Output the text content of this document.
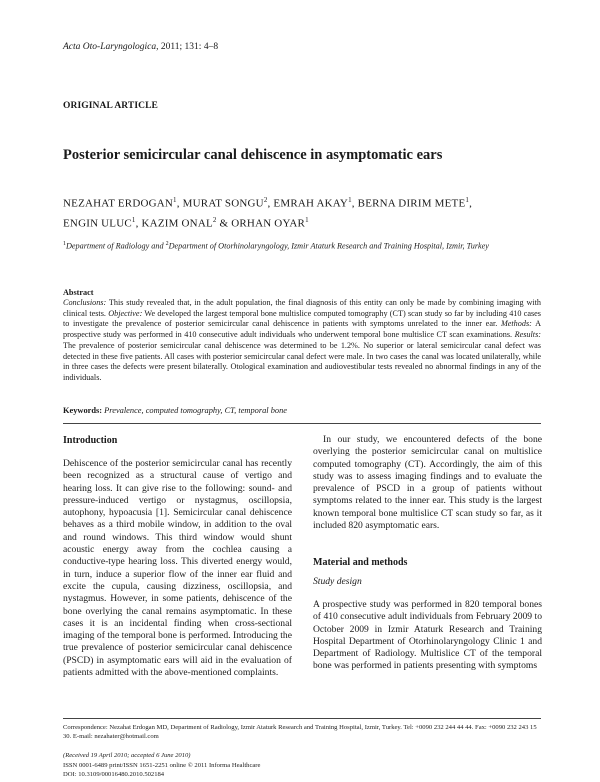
Acta Oto-Laryngologica, 2011; 131: 4–8
ORIGINAL ARTICLE
Posterior semicircular canal dehiscence in asymptomatic ears
NEZAHAT ERDOGAN$^1$, MURAT SONGU$^2$, EMRAH AKAY$^1$, BERNA DIRIM METE$^1$,
ENGIN ULUC$^1$, KAZIM ONAL$^2$ & ORHAN OYAR$^1$
$^1$Department of Radiology and $^2$Department of Otorhinolaryngology, Izmir Ataturk Research and Training Hospital, Izmir, Turkey
Abstract
Conclusions: This study revealed that, in the adult population, the final diagnosis of this entity can only be made by combining imaging with clinical tests. Objective: We developed the largest temporal bone multislice computed tomography (CT) scan study so far by including 410 cases to investigate the prevalence of posterior semicircular canal dehiscence in patients with symptoms unrelated to the inner ear. Methods: A prospective study was performed in 410 consecutive adult individuals who underwent temporal bone multislice CT scan examinations. Results: The prevalence of posterior semicircular canal dehiscence was determined to be 1.2%. No superior or lateral semicircular canal defect was detected in these five patients. All cases with posterior semicircular canal defect were male. In two cases the canal was located unilaterally, while in three cases the defects were present bilaterally. Otological examination and audiovestibular tests revealed no abnormal findings in any of the individuals.
Keywords: Prevalence, computed tomography, CT, temporal bone
Introduction

Dehiscence of the posterior semicircular canal has recently been recognized as a structural cause of vertigo and hearing loss. It can give rise to the following: sound- and pressure-induced vertigo or nystagmus, oscillopsia, autophony, hypoacusia [1]. Semicircular canal dehiscence behaves as a third mobile window, in addition to the oval and round windows. This third window would shunt acoustic energy away from the cochlea causing a conductive-type hearing loss. This diverted energy would, in turn, induce a superior flow of the inner ear fluid and excite the cupula, causing dizziness, oscillopsia, and nystagmus. However, in some patients, dehiscence of the bone overlying the canal remains asymptomatic. In these cases it is an incidental finding when cross-sectional imaging of the temporal bone is performed. Introducing the true prevalence of posterior semicircular canal dehiscence (PSCD) in asymptomatic ears will aid in the evaluation of patients admitted with the above-mentioned complaints.

In our study, we encountered defects of the bone overlying the posterior semicircular canal on multislice computed tomography (CT). Accordingly, the aim of this study was to assess imaging findings and to evaluate the prevalence of PSCD in a group of patients without symptoms related to the inner ear. This study is the largest known temporal bone multislice CT scan study so far, as it included 820 asymptomatic ears.

Material and methods
Study design

A prospective study was performed in 820 temporal bones of 410 consecutive adult individuals from February 2009 to October 2009 in Izmir Ataturk Research and Training Hospital Department of Otorhinolaryngology Clinic 1 and Department of Radiology. Multislice CT of the temporal bone was performed in patients presenting with symptoms

Correspondence: Nezahat Erdogan MD, Department of Radiology, Izmir Ataturk Research and Training Hospital, Izmir, Turkey. Tel: +0090 232 244 44 44. Fax: +0090 232 243 15 30. E-mail: nezahater@hotmail.com
(Received 19 April 2010; accepted 6 June 2010)
ISSN 0001-6489 print/ISSN 1651-2251 online © 2011 Informa Healthcare
DOI: 10.3109/00016480.2010.502184
